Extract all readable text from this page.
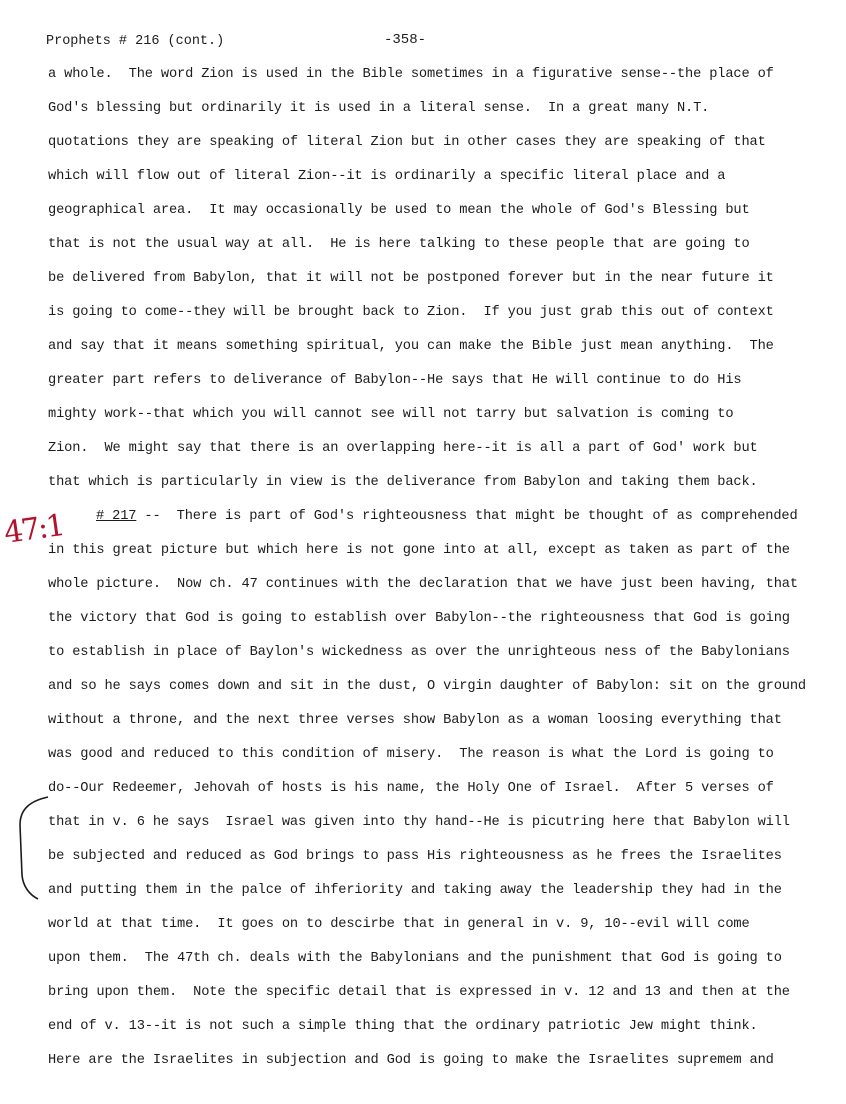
Prophets # 216 (cont.)	-358-
47:1
a whole.  The word Zion is used in the Bible sometimes in a figurative sense--the place of
God's blessing but ordinarily it is used in a literal sense.  In a great many N.T.
quotations they are speaking of literal Zion but in other cases they are speaking of that
which will flow out of literal Zion--it is ordinarily a specific literal place and a
geographical area.  It may occasionally be used to mean the whole of God's Blessing but
that is not the usual way at all.  He is here talking to these people that are going to
be delivered from Babylon, that it will not be postponed forever but in the near future it
is going to come--they will be brought back to Zion.  If you just grab this out of context
and say that it means something spiritual, you can make the Bible just mean anything.  The
greater part refers to deliverance of Babylon--He says that He will continue to do His
mighty work--that which you will cannot see will not tarry but salvation is coming to
Zion.  We might say that there is an overlapping here--it is all a part of God' work but
that which is particularly in view is the deliverance from Babylon and taking them back.
# 217 --  There is part of God's righteousness that might be thought of as comprehended
in this great picture but which here is not gone into at all, except as taken as part of the
whole picture.  Now ch. 47 continues with the declaration that we have just been having, that
the victory that God is going to establish over Babylon--the righteousness that God is going
to establish in place of Baylon's wickedness as over the unrighteous ness of the Babylonians
and so he says comes down and sit in the dust, O virgin daughter of Babylon: sit on the ground
without a throne, and the next three verses show Babylon as a woman loosing everything that
was good and reduced to this condition of misery.  The reason is what the Lord is going to
do--Our Redeemer, Jehovah of hosts is his name, the Holy One of Israel.  After 5 verses of
that in v. 6 he says  Israel was given into thy hand--He is picutring here that Babylon will
be subjected and reduced as God brings to pass His righteousness as he frees the Israelites
and putting them in the palce of ihferiority and taking away the leadership they had in the
world at that time.  It goes on to descirbe that in general in v. 9, 10--evil will come
upon them.  The 47th ch. deals with the Babylonians and the punishment that God is going to
bring upon them.  Note the specific detail that is expressed in v. 12 and 13 and then at the
end of v. 13--it is not such a simple thing that the ordinary patriotic Jew might think.
Here are the Israelites in subjection and God is going to make the Israelites supremem and
